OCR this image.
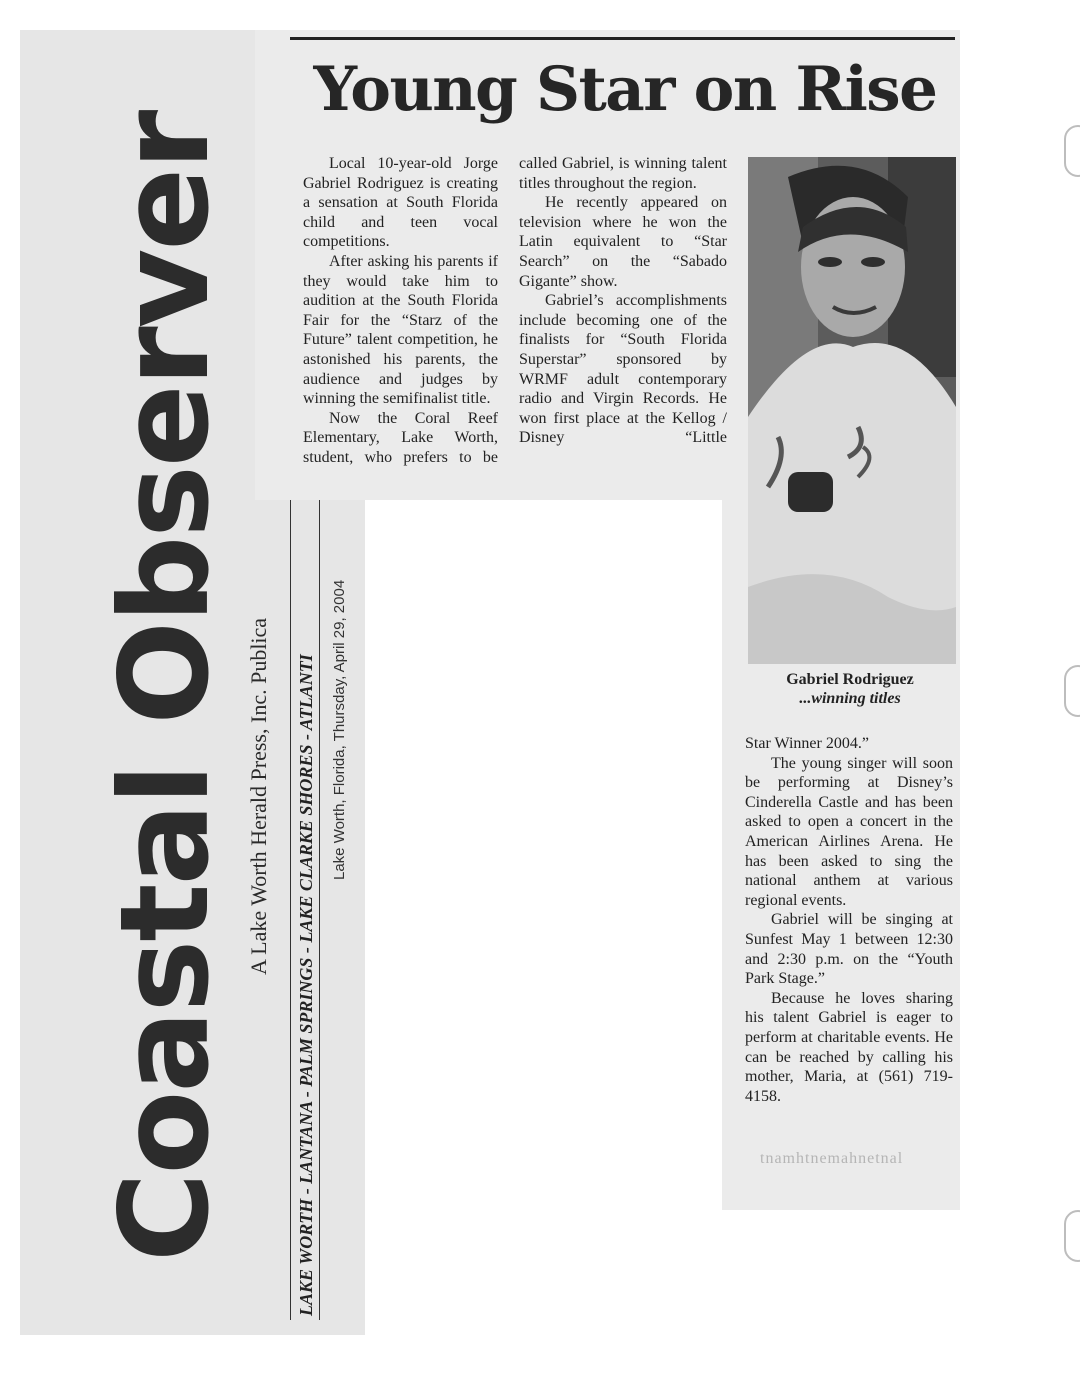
Coastal Observer A Lake Worth Herald Press, Inc. Publica	LAKE WORTH - LANTANA - PALM SPRINGS - LAKE CLARKE SHORES - ATLANTI Lake Worth, Florida, Thursday, April 29, 2004
Young Star on Rise

Local 10-year-old Jorge Gabriel Rodriguez is creating a sensation at South Florida child and teen vocal competitions.

After asking his parents if they would take him to audition at the South Florida Fair for the “Starz of the Future” talent competition, he astonished his parents, the audience and judges by winning the semifinalist title.

Now the Coral Reef Elementary, Lake Worth, student, who prefers to be

called Gabriel, is winning talent titles throughout the region.

He recently appeared on television where he won the Latin equivalent to “Star Search” on the “Sabado Gigante” show.

Gabriel’s accomplishments include becoming one of the finalists for “South Florida Superstar” sponsored by WRMF adult contemporary radio and Virgin Records. He won first place at the Kellog / Disney “Little

Gabriel Rodriguez
...winning titles

Star Winner 2004.”

The young singer will soon be performing at Disney’s Cinderella Castle and has been asked to open a concert in the American Airlines Arena. He has been asked to sing the national anthem at various regional events.

Gabriel will be singing at Sunfest May 1 between 12:30 and 2:30 p.m. on the “Youth Park Stage.”

Because he loves sharing his talent Gabriel is eager to perform at charitable events. He can be reached by calling his mother, Maria, at (561) 719-4158.

tnamhtnemahnetnal
